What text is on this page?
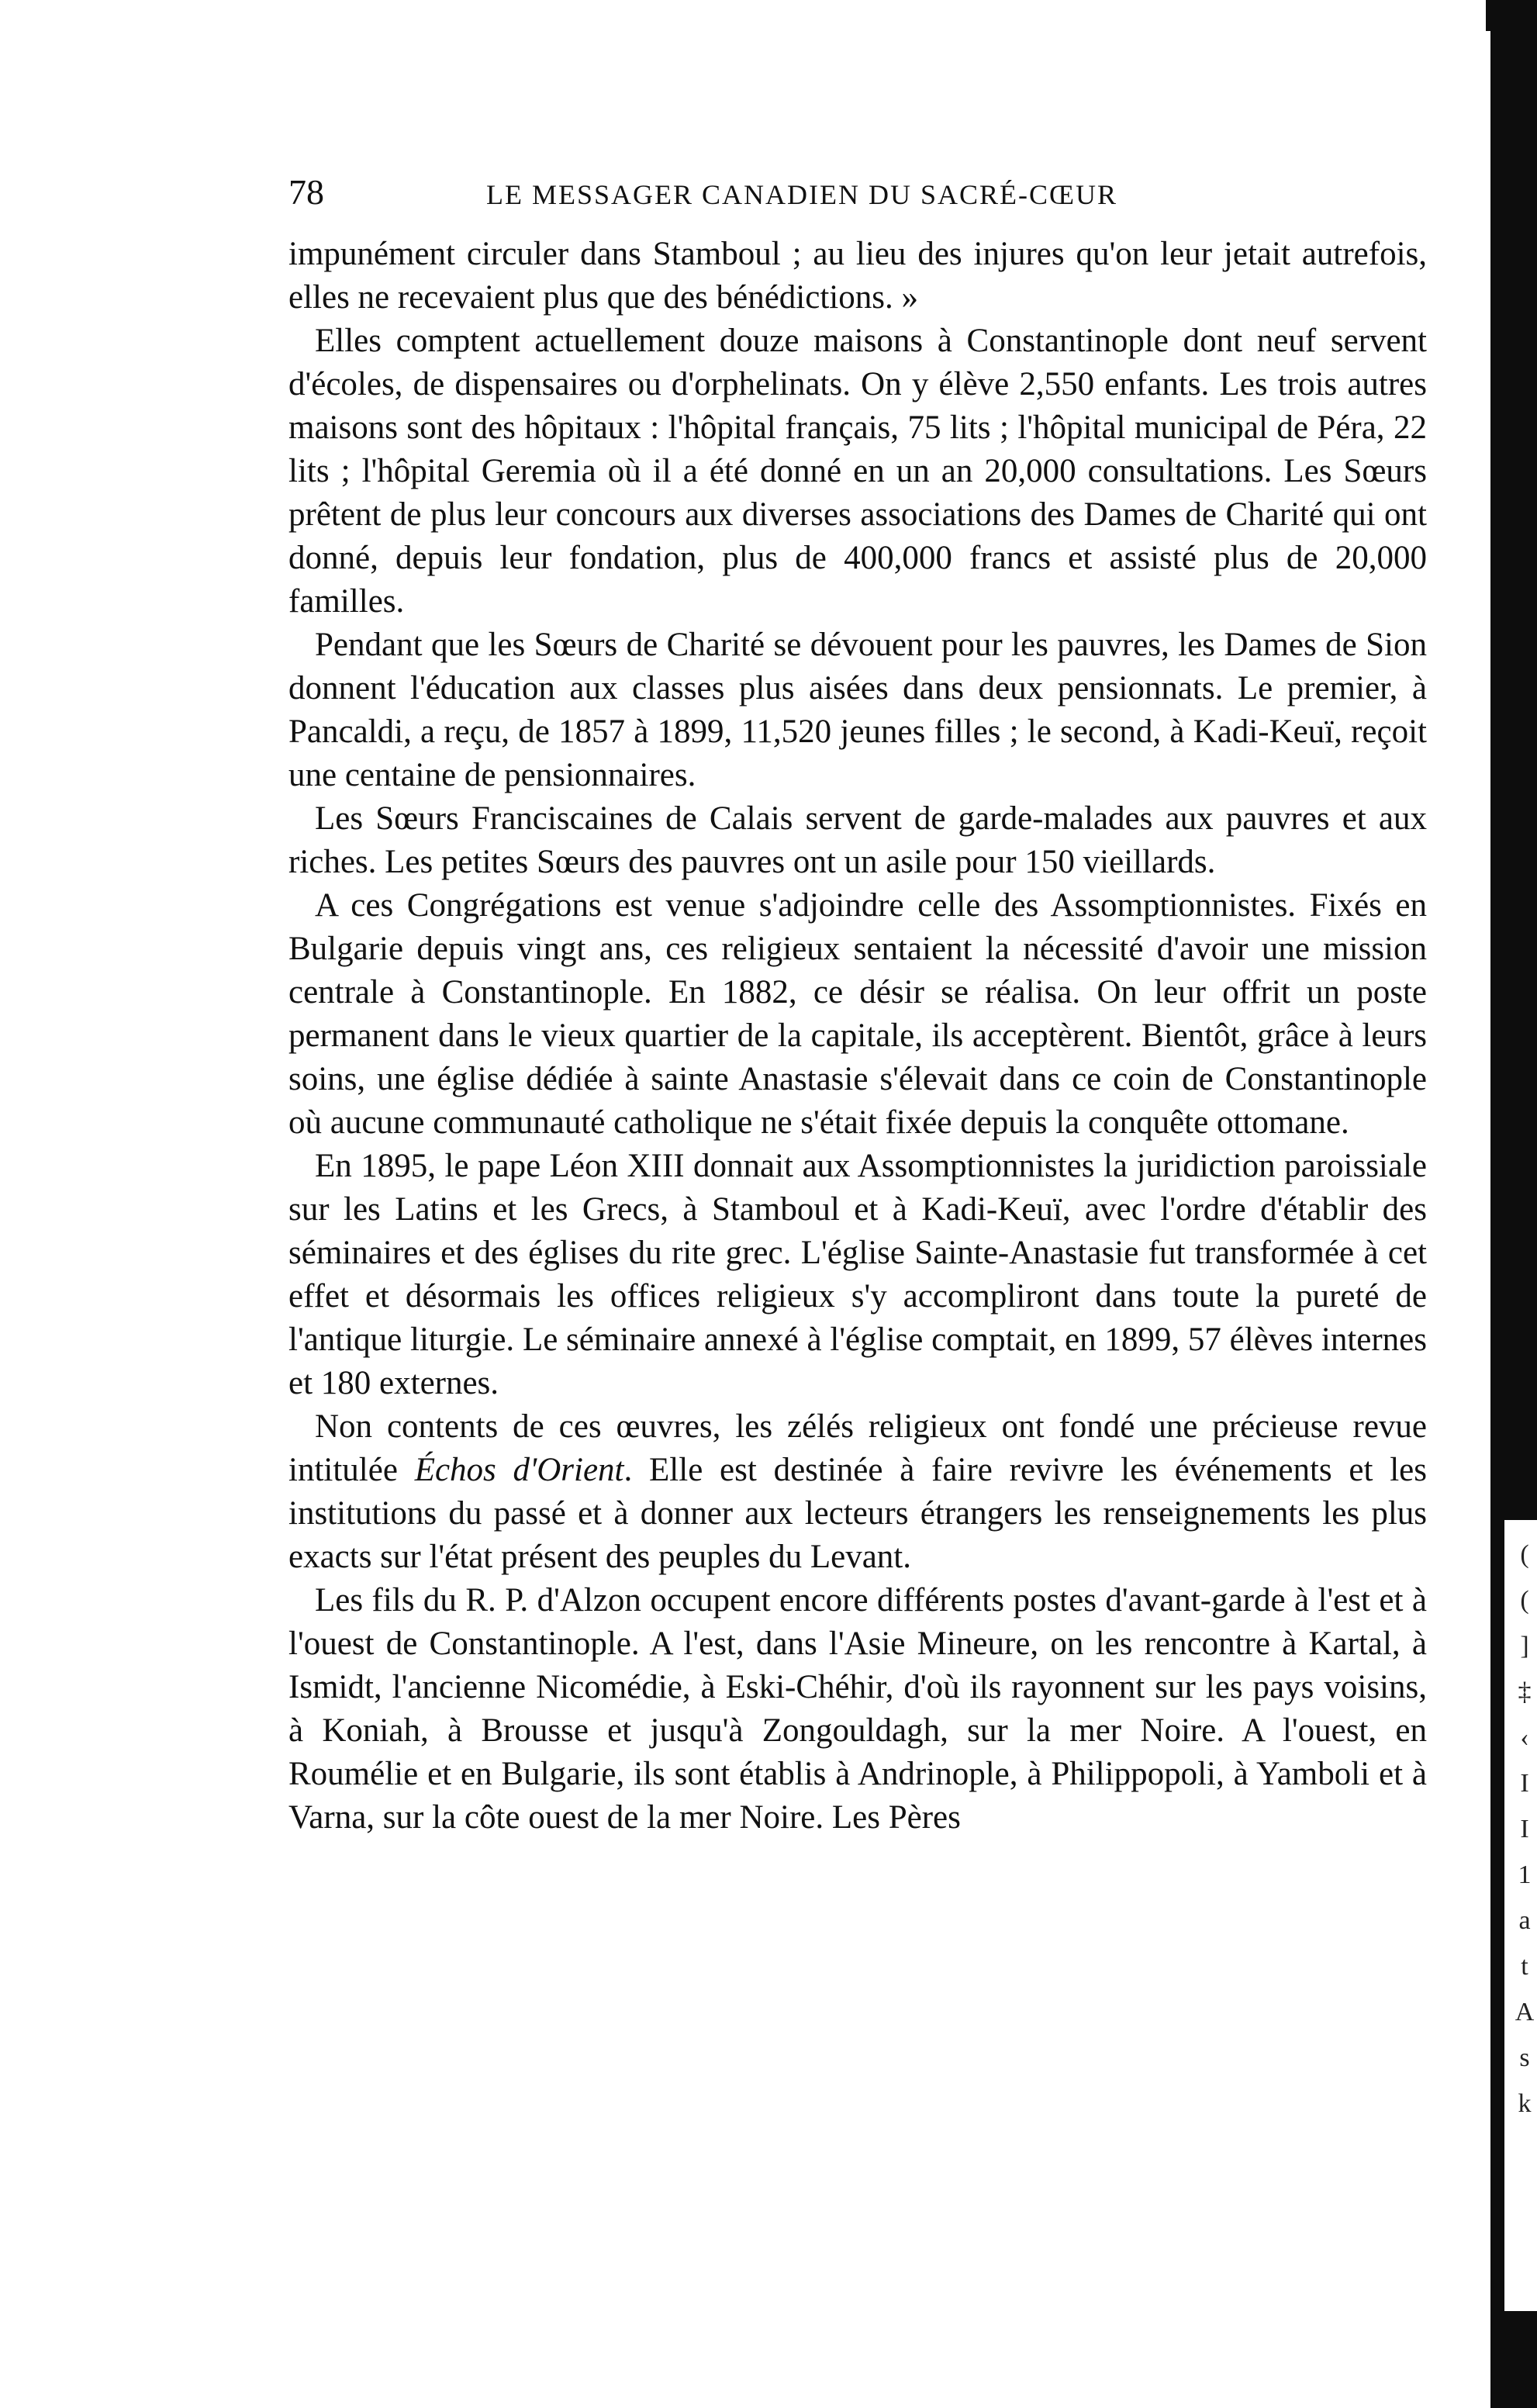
78	LE MESSAGER CANADIEN DU SACRÉ-CŒUR

impunément circuler dans Stamboul ; au lieu des injures qu'on leur jetait autrefois, elles ne recevaient plus que des bénédictions. »

Elles comptent actuellement douze maisons à Constantinople dont neuf servent d'écoles, de dispensaires ou d'orphelinats. On y élève 2,550 enfants. Les trois autres maisons sont des hôpitaux : l'hôpital français, 75 lits ; l'hôpital municipal de Péra, 22 lits ; l'hôpital Geremia où il a été donné en un an 20,000 consultations. Les Sœurs prêtent de plus leur concours aux diverses associations des Dames de Charité qui ont donné, depuis leur fondation, plus de 400,000 francs et assisté plus de 20,000 familles.

Pendant que les Sœurs de Charité se dévouent pour les pauvres, les Dames de Sion donnent l'éducation aux classes plus aisées dans deux pensionnats. Le premier, à Pancaldi, a reçu, de 1857 à 1899, 11,520 jeunes filles ; le second, à Kadi-Keuï, reçoit une centaine de pensionnaires.

Les Sœurs Franciscaines de Calais servent de garde-malades aux pauvres et aux riches. Les petites Sœurs des pauvres ont un asile pour 150 vieillards.

A ces Congrégations est venue s'adjoindre celle des Assomptionnistes. Fixés en Bulgarie depuis vingt ans, ces religieux sentaient la nécessité d'avoir une mission centrale à Constantinople. En 1882, ce désir se réalisa. On leur offrit un poste permanent dans le vieux quartier de la capitale, ils acceptèrent. Bientôt, grâce à leurs soins, une église dédiée à sainte Anastasie s'élevait dans ce coin de Constantinople où aucune communauté catholique ne s'était fixée depuis la conquête ottomane.

En 1895, le pape Léon XIII donnait aux Assomptionnistes la juridiction paroissiale sur les Latins et les Grecs, à Stamboul et à Kadi-Keuï, avec l'ordre d'établir des séminaires et des églises du rite grec. L'église Sainte-Anastasie fut transformée à cet effet et désormais les offices religieux s'y accompliront dans toute la pureté de l'antique liturgie. Le séminaire annexé à l'église comptait, en 1899, 57 élèves internes et 180 externes.

Non contents de ces œuvres, les zélés religieux ont fondé une précieuse revue intitulée Échos d'Orient. Elle est destinée à faire revivre les événements et les institutions du passé et à donner aux lecteurs étrangers les renseignements les plus exacts sur l'état présent des peuples du Levant.

Les fils du R. P. d'Alzon occupent encore différents postes d'avant-garde à l'est et à l'ouest de Constantinople. A l'est, dans l'Asie Mineure, on les rencontre à Kartal, à Ismidt, l'ancienne Nicomédie, à Eski-Chéhir, d'où ils rayonnent sur les pays voisins, à Koniah, à Brousse et jusqu'à Zongouldagh, sur la mer Noire. A l'ouest, en Roumélie et en Bulgarie, ils sont établis à Andrinople, à Philippopoli, à Yamboli et à Varna, sur la côte ouest de la mer Noire. Les Pères

(
(
]
‡
‹
I
I
1
a
t
A
s
k
